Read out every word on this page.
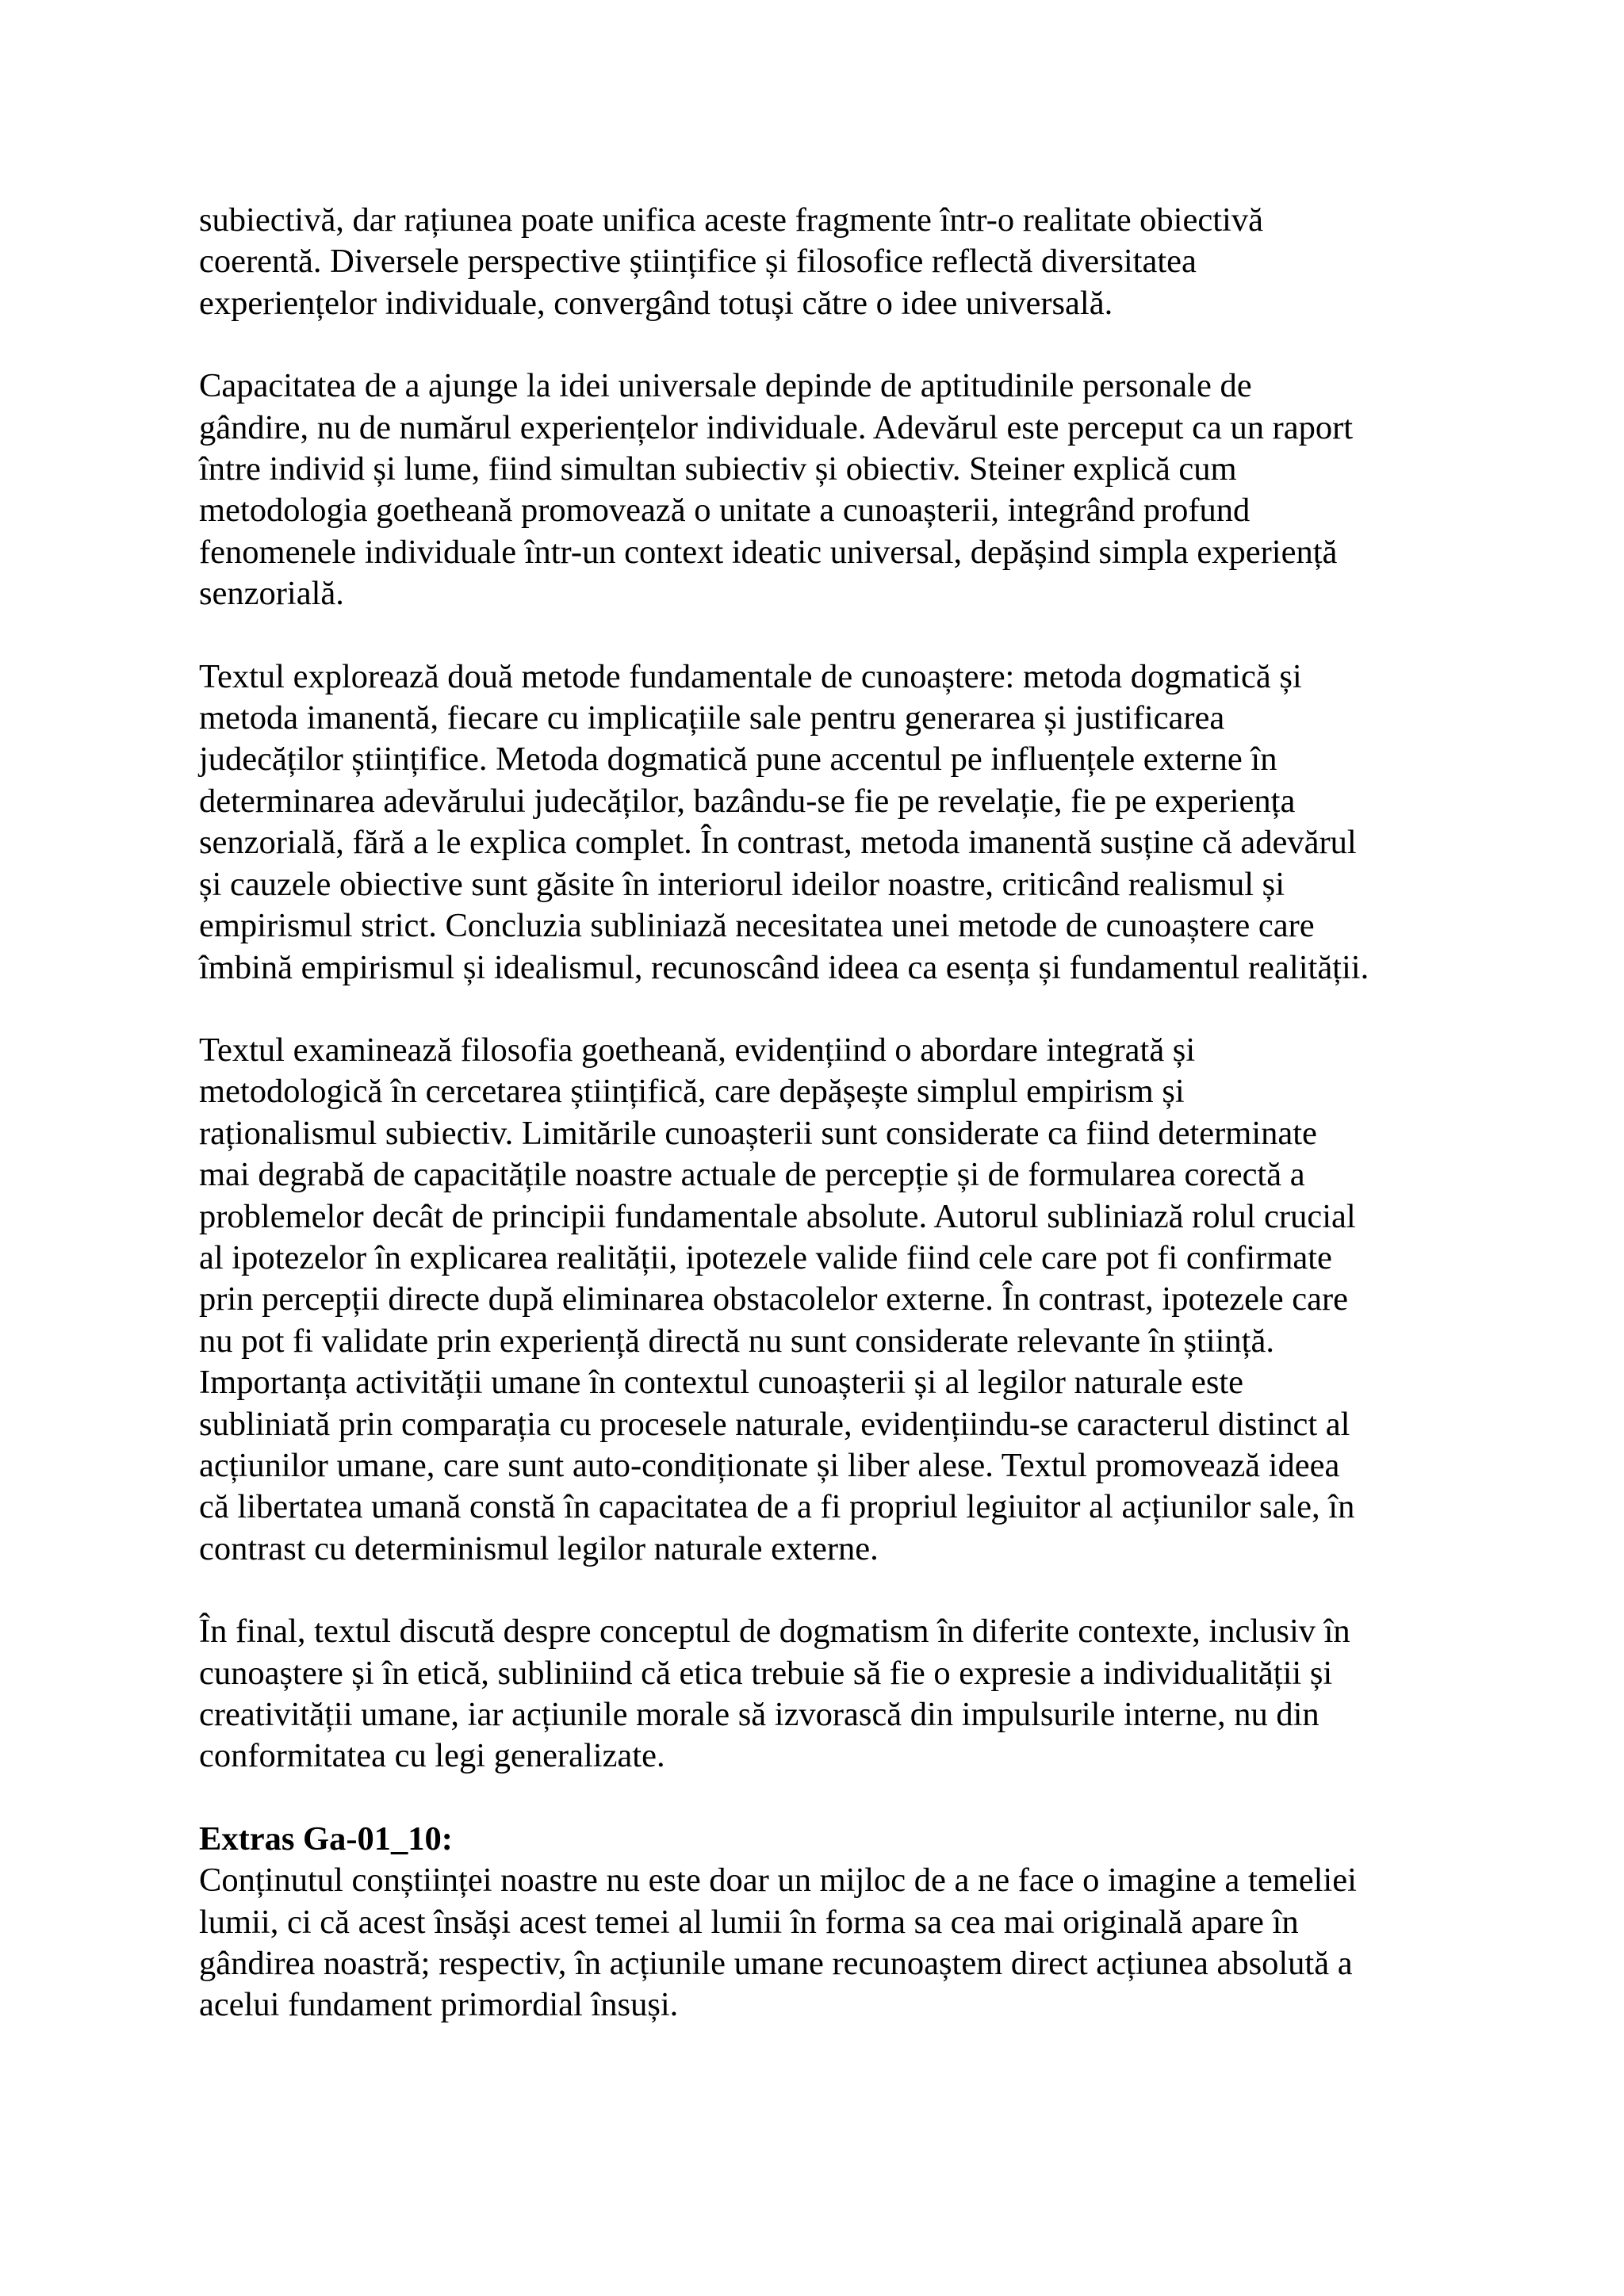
subiectivă, dar rațiunea poate unifica aceste fragmente într-o realitate obiectivă
coerentă. Diversele perspective științifice și filosofice reflectă diversitatea
experiențelor individuale, convergând totuși către o idee universală.

Capacitatea de a ajunge la idei universale depinde de aptitudinile personale de
gândire, nu de numărul experiențelor individuale. Adevărul este perceput ca un raport
între individ și lume, fiind simultan subiectiv și obiectiv. Steiner explică cum
metodologia goetheană promovează o unitate a cunoașterii, integrând profund
fenomenele individuale într-un context ideatic universal, depășind simpla experiență
senzorială.

Textul explorează două metode fundamentale de cunoaștere: metoda dogmatică și
metoda imanentă, fiecare cu implicațiile sale pentru generarea și justificarea
judecăților științifice. Metoda dogmatică pune accentul pe influențele externe în
determinarea adevărului judecăților, bazându-se fie pe revelație, fie pe experiența
senzorială, fără a le explica complet. În contrast, metoda imanentă susține că adevărul
și cauzele obiective sunt găsite în interiorul ideilor noastre, criticând realismul și
empirismul strict. Concluzia subliniază necesitatea unei metode de cunoaștere care
îmbină empirismul și idealismul, recunoscând ideea ca esența și fundamentul realității.

Textul examinează filosofia goetheană, evidențiind o abordare integrată și
metodologică în cercetarea științifică, care depășește simplul empirism și
raționalismul subiectiv. Limitările cunoașterii sunt considerate ca fiind determinate
mai degrabă de capacitățile noastre actuale de percepție și de formularea corectă a
problemelor decât de principii fundamentale absolute. Autorul subliniază rolul crucial
al ipotezelor în explicarea realității, ipotezele valide fiind cele care pot fi confirmate
prin percepții directe după eliminarea obstacolelor externe. În contrast, ipotezele care
nu pot fi validate prin experiență directă nu sunt considerate relevante în știință.
Importanța activității umane în contextul cunoașterii și al legilor naturale este
subliniată prin comparația cu procesele naturale, evidențiindu-se caracterul distinct al
acțiunilor umane, care sunt auto-condiționate și liber alese. Textul promovează ideea
că libertatea umană constă în capacitatea de a fi propriul legiuitor al acțiunilor sale, în
contrast cu determinismul legilor naturale externe.

În final, textul discută despre conceptul de dogmatism în diferite contexte, inclusiv în
cunoaștere și în etică, subliniind că etica trebuie să fie o expresie a individualității și
creativității umane, iar acțiunile morale să izvorască din impulsurile interne, nu din
conformitatea cu legi generalizate.

Extras Ga-01_10:
Conținutul conștiinței noastre nu este doar un mijloc de a ne face o imagine a temeliei
lumii, ci că acest însăși acest temei al lumii în forma sa cea mai originală apare în
gândirea noastră; respectiv, în acțiunile umane recunoaștem direct acțiunea absolută a
acelui fundament primordial însuși.
